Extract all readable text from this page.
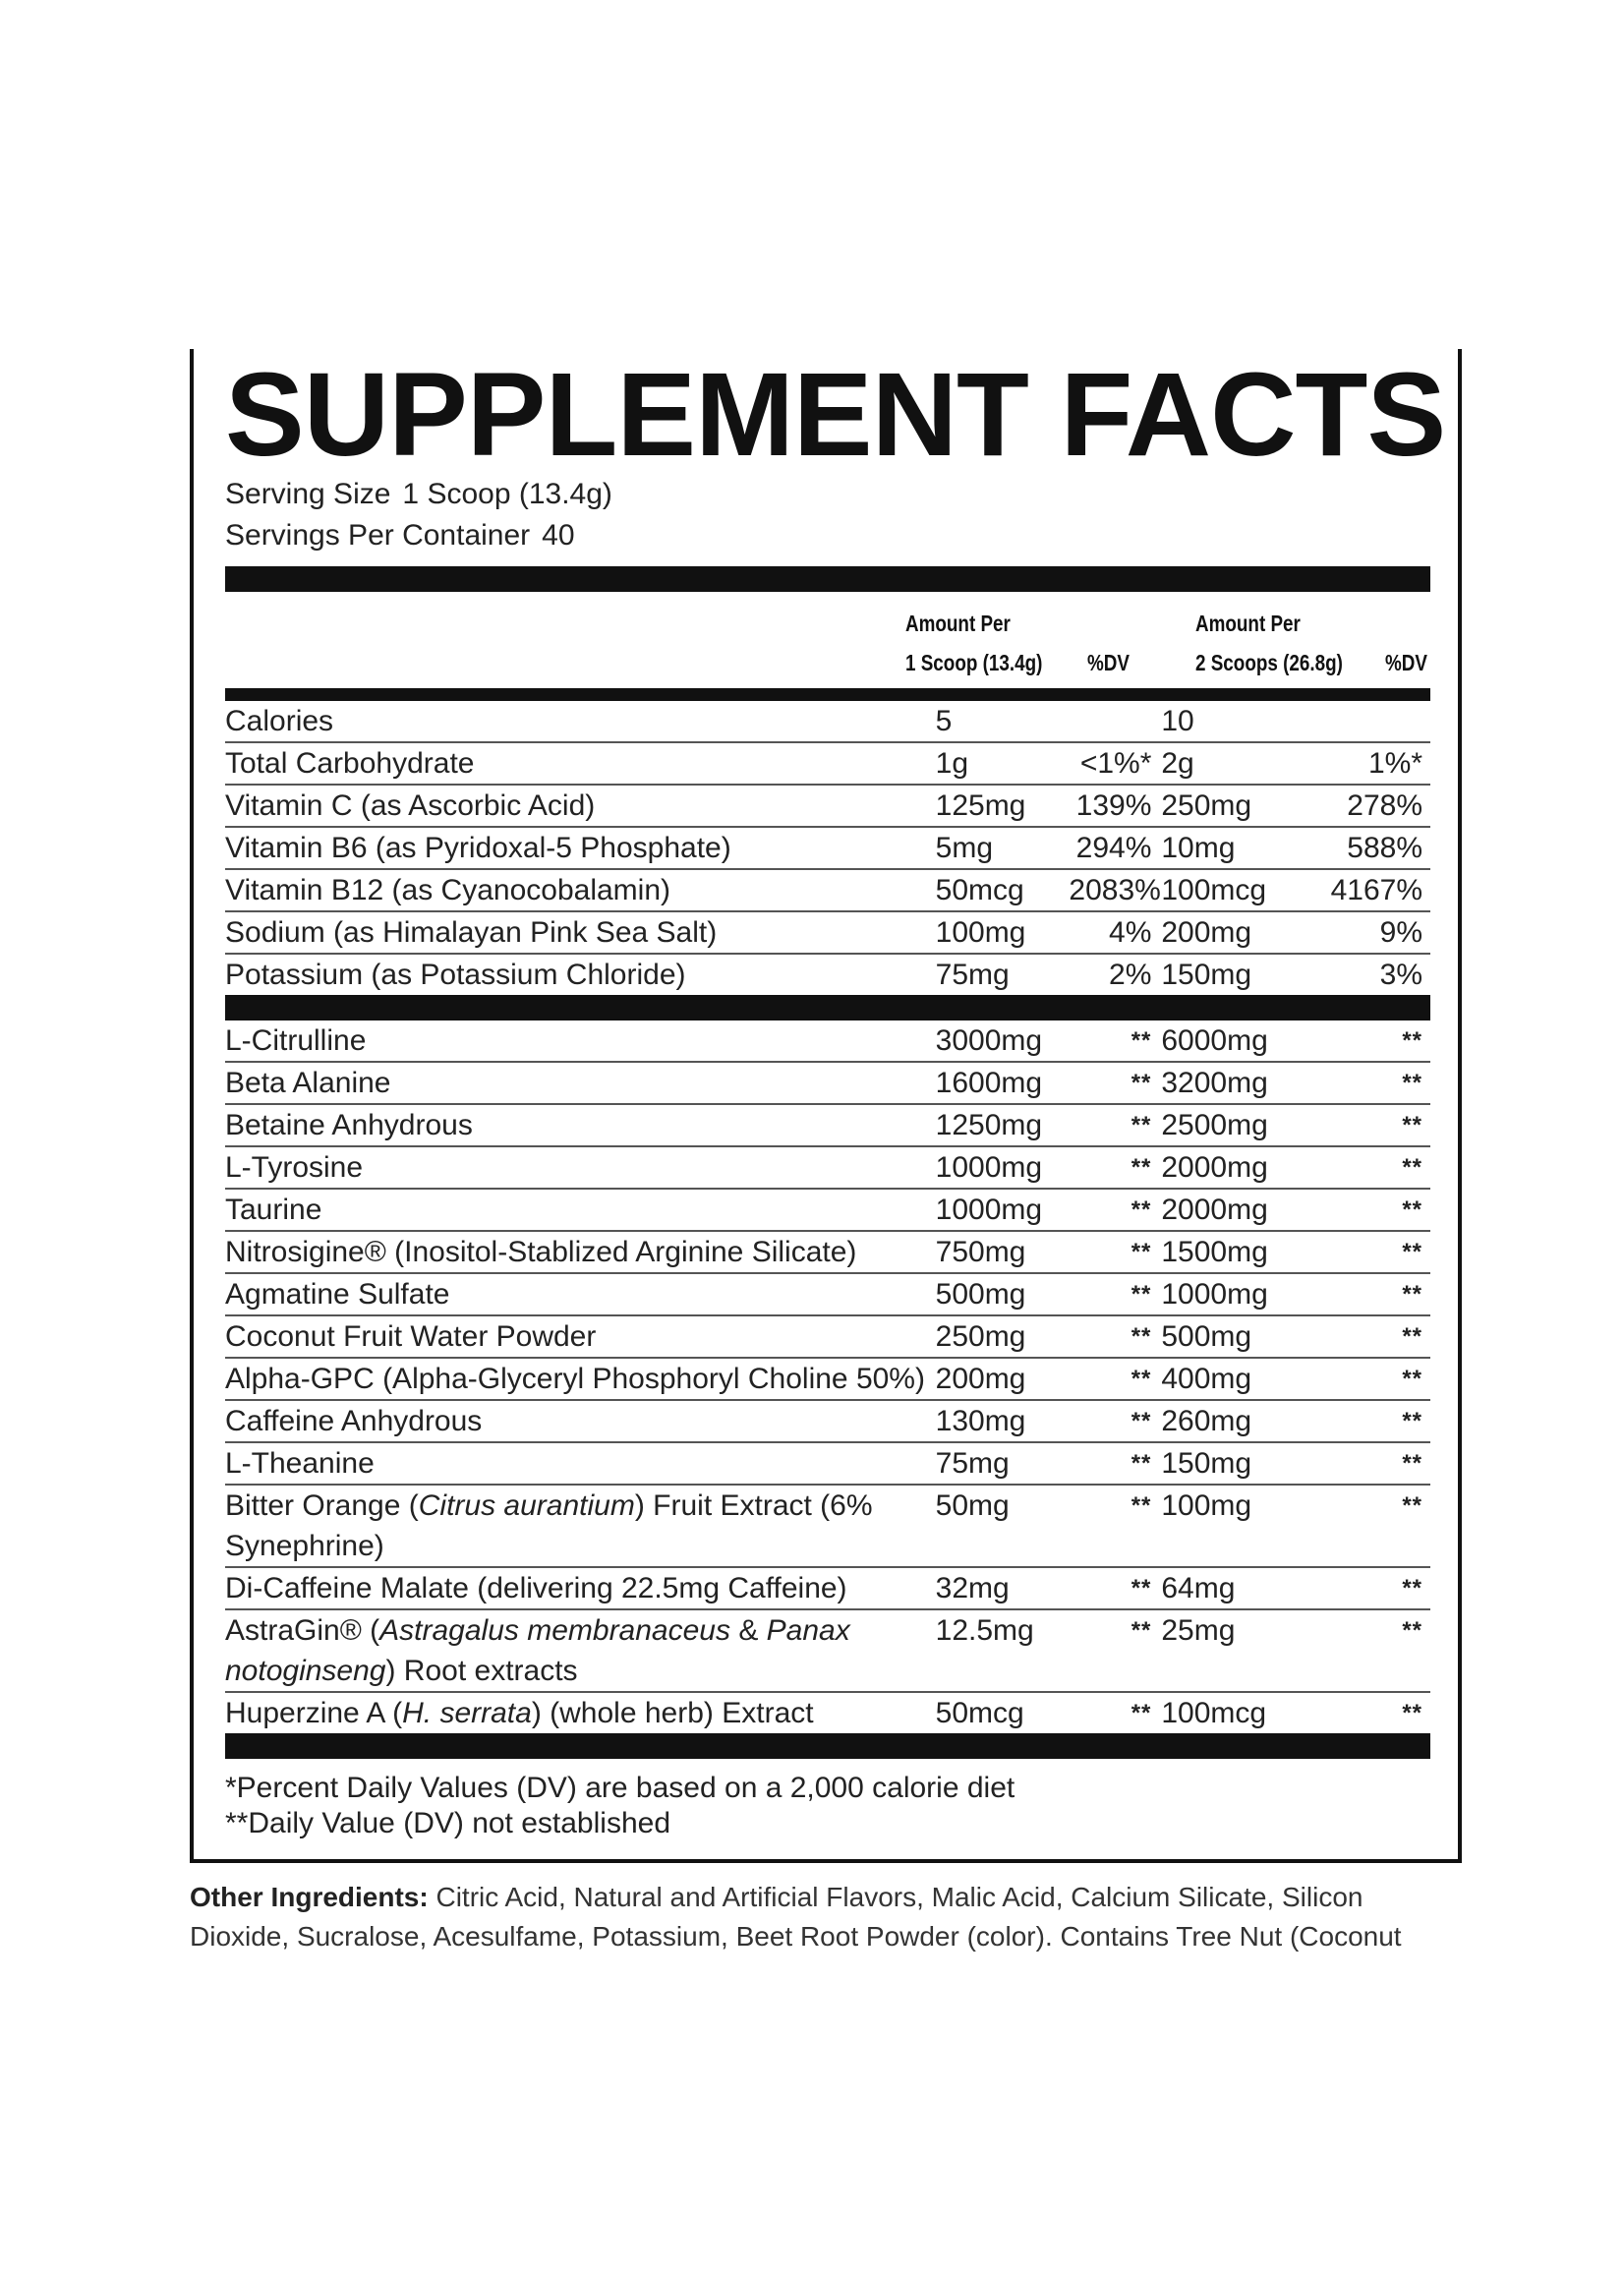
SUPPLEMENT FACTS
Serving Size 1 Scoop (13.4g)
Servings Per Container 40
Amount Per
1 Scoop (13.4g) %DV
Amount Per
2 Scoops (26.8g) %DV
Calories	5		10	
Total Carbohydrate	1g	<1%*	2g	1%*
Vitamin C (as Ascorbic Acid)	125mg	139%	250mg	278%
Vitamin B6 (as Pyridoxal-5 Phosphate)	5mg	294%	10mg	588%
Vitamin B12 (as Cyanocobalamin)	50mcg	2083%	100mcg	4167%
Sodium (as Himalayan Pink Sea Salt)	100mg	4%	200mg	9%
Potassium (as Potassium Chloride)	75mg	2%	150mg	3%
L-Citrulline	3000mg	**	6000mg	**
Beta Alanine	1600mg	**	3200mg	**
Betaine Anhydrous	1250mg	**	2500mg	**
L-Tyrosine	1000mg	**	2000mg	**
Taurine	1000mg	**	2000mg	**
Nitrosigine® (Inositol-Stablized Arginine Silicate)	750mg	**	1500mg	**
Agmatine Sulfate	500mg	**	1000mg	**
Coconut Fruit Water Powder	250mg	**	500mg	**
Alpha-GPC (Alpha-Glyceryl Phosphoryl Choline 50%)	200mg	**	400mg	**
Caffeine Anhydrous	130mg	**	260mg	**
L-Theanine	75mg	**	150mg	**
Bitter Orange (Citrus aurantium) Fruit Extract (6% Synephrine)	50mg	**	100mg	**
Di-Caffeine Malate (delivering 22.5mg Caffeine)	32mg	**	64mg	**
AstraGin® (Astragalus membranaceus & Panax notoginseng) Root extracts	12.5mg	**	25mg	**
Huperzine A (H. serrata) (whole herb) Extract	50mcg	**	100mcg	**
*Percent Daily Values (DV) are based on a 2,000 calorie diet
**Daily Value (DV) not established
Other Ingredients: Citric Acid, Natural and Artificial Flavors, Malic Acid, Calcium Silicate, Silicon Dioxide, Sucralose, Acesulfame, Potassium, Beet Root Powder (color). Contains Tree Nut (Coconut
